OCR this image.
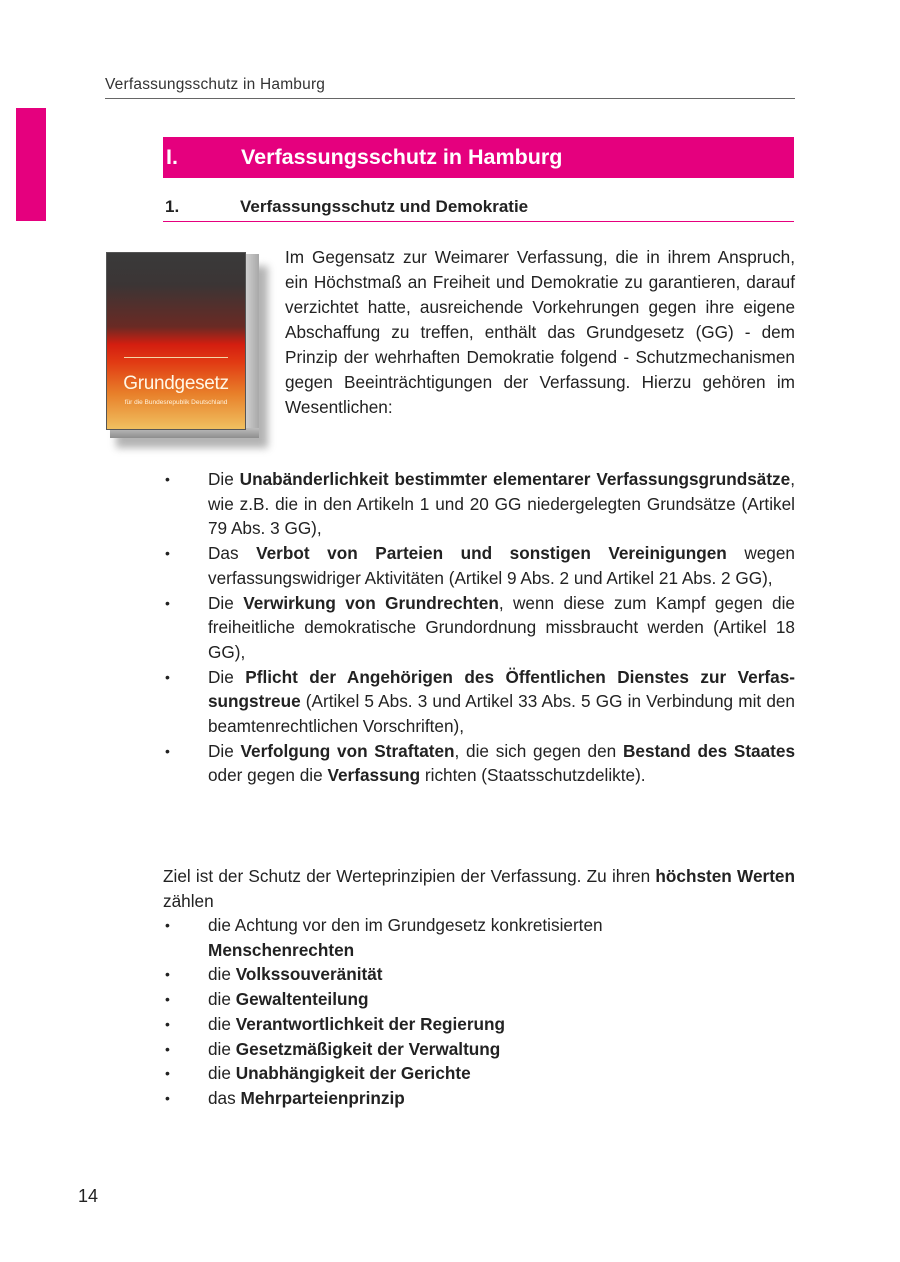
Verfassungsschutz in Hamburg
I.	Verfassungsschutz in Hamburg
1.	Verfassungsschutz und Demokratie
Grundgesetz
für die Bundesrepublik Deutschland
Im Gegensatz zur Weimarer Verfassung, die in ihrem Anspruch, ein Höchstmaß an Freiheit und Demokratie zu garantieren, darauf verzichtet hatte, ausreichende Vorkehrungen gegen ihre eigene Abschaffung zu treffen, enthält das Grundgesetz (GG) - dem Prinzip der wehrhaften Demokratie folgend - Schutzmechanismen gegen Beeinträchtigungen der Verfassung. Hierzu gehören im Wesentlichen:
• Die Unabänderlichkeit bestimmter elementarer Verfassungsgrundsätze, wie z.B. die in den Artikeln 1 und 20 GG niedergelegten Grundsätze (Artikel 79 Abs. 3 GG),
• Das Verbot von Parteien und sonstigen Vereinigungen wegen verfassungswidriger Aktivitäten (Artikel 9 Abs. 2 und Artikel 21 Abs. 2 GG),
• Die Verwirkung von Grundrechten, wenn diese zum Kampf gegen die freiheitliche demokratische Grundordnung missbraucht werden (Artikel 18 GG),
• Die Pflicht der Angehörigen des Öffentlichen Dienstes zur Verfassungstreue (Artikel 5 Abs. 3 und Artikel 33 Abs. 5 GG in Verbindung mit den beamtenrechtlichen Vorschriften),
• Die Verfolgung von Straftaten, die sich gegen den Bestand des Staates oder gegen die Verfassung richten (Staatsschutzdelikte).
Ziel ist der Schutz der Werteprinzipien der Verfassung. Zu ihren höchsten Werten zählen
• die Achtung vor den im Grundgesetz konkretisierten
Menschenrechten
• die Volkssouveränität
• die Gewaltenteilung
• die Verantwortlichkeit der Regierung
• die Gesetzmäßigkeit der Verwaltung
• die Unabhängigkeit der Gerichte
• das Mehrparteienprinzip
14
